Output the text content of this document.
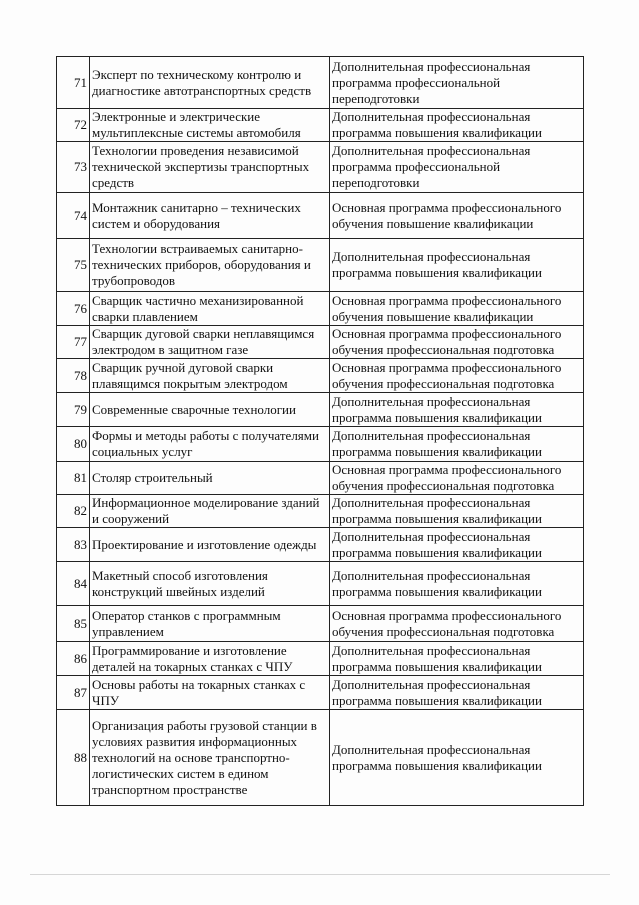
71	Эксперт по техническому контролю и диагностике автотранспортных средств	Дополнительная профессиональная программа профессиональной переподготовки
72	Электронные и электрические мультиплексные системы автомобиля	Дополнительная профессиональная программа повышения квалификации
73	Технологии проведения независимой технической экспертизы транспортных средств	Дополнительная профессиональная программа профессиональной переподготовки
74	Монтажник санитарно – технических систем и оборудования	Основная программа профессионального обучения повышение квалификации
75	Технологии встраиваемых санитарно-технических приборов, оборудования и трубопроводов	Дополнительная профессиональная программа повышения квалификации
76	Сварщик частично механизированной сварки плавлением	Основная программа профессионального обучения повышение квалификации
77	Сварщик дуговой сварки неплавящимся электродом в защитном газе	Основная программа профессионального обучения профессиональная подготовка
78	Сварщик ручной дуговой сварки плавящимся покрытым электродом	Основная программа профессионального обучения профессиональная подготовка
79	Современные сварочные технологии	Дополнительная профессиональная программа повышения квалификации
80	Формы и методы работы с получателями социальных услуг	Дополнительная профессиональная программа повышения квалификации
81	Столяр строительный	Основная программа профессионального обучения профессиональная подготовка
82	Информационное моделирование зданий и сооружений	Дополнительная профессиональная программа повышения квалификации
83	Проектирование и изготовление одежды	Дополнительная профессиональная программа повышения квалификации
84	Макетный способ изготовления конструкций швейных изделий	Дополнительная профессиональная программа повышения квалификации
85	Оператор станков с программным управлением	Основная программа профессионального обучения профессиональная подготовка
86	Программирование и изготовление деталей на токарных станках с ЧПУ	Дополнительная профессиональная программа повышения квалификации
87	Основы работы на токарных станках с ЧПУ	Дополнительная профессиональная программа повышения квалификации
88	Организация работы грузовой станции в условиях развития информационных технологий на основе транспортно-логистических систем в едином транспортном пространстве	Дополнительная профессиональная программа повышения квалификации
